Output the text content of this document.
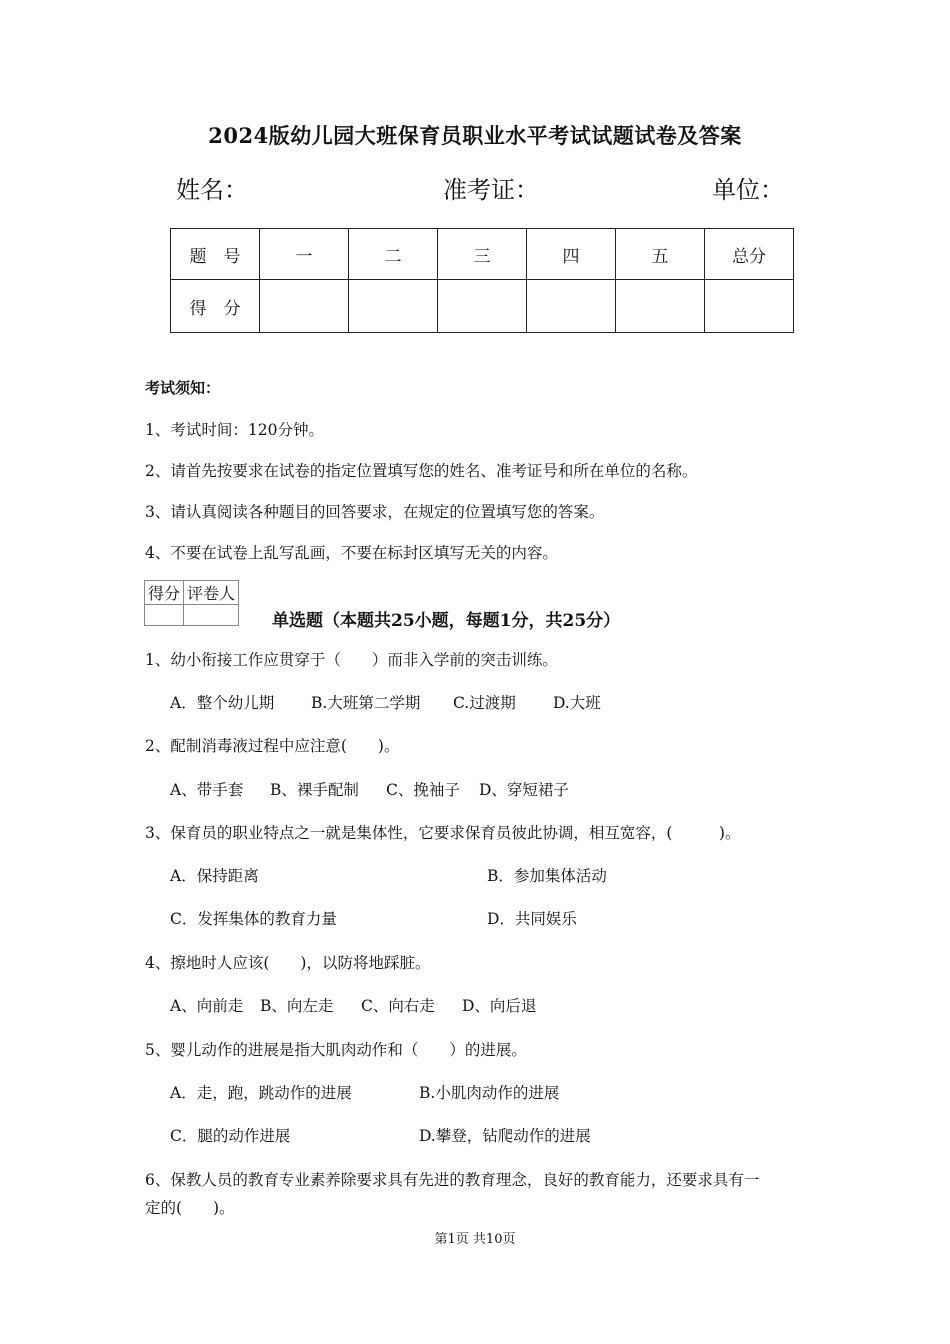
2024版幼儿园大班保育员职业水平考试试题试卷及答案
姓名：	准考证：	单位：
题　号	一	二	三	四	五	总分
得　分						
考试须知：
1、考试时间：120分钟。
2、请首先按要求在试卷的指定位置填写您的姓名、准考证号和所在单位的名称。
3、请认真阅读各种题目的回答要求，在规定的位置填写您的答案。
4、不要在试卷上乱写乱画，不要在标封区填写无关的内容。
得分	评卷人

单选题（本题共25小题，每题1分，共25分）
1、幼小衔接工作应贯穿于（　　）而非入学前的突击训练。
A．整个幼儿期 B.大班第二学期 C.过渡期 D.大班
2、配制消毒液过程中应注意(　　)。
A、带手套 B、裸手配制 C、挽袖子 D、穿短裙子
3、保育员的职业特点之一就是集体性，它要求保育员彼此协调，相互宽容，(　　　)。
A．保持距离	B．参加集体活动
C．发挥集体的教育力量	D．共同娱乐
4、擦地时人应该(　　)，以防将地踩脏。
A、向前走 B、向左走 C、向右走 D、向后退
5、婴儿动作的进展是指大肌肉动作和（　　）的进展。
A．走，跑，跳动作的进展	B.小肌肉动作的进展
C．腿的动作进展	D.攀登，钻爬动作的进展
6、保教人员的教育专业素养除要求具有先进的教育理念，良好的教育能力，还要求具有一
定的(　　)。
第1页 共10页
